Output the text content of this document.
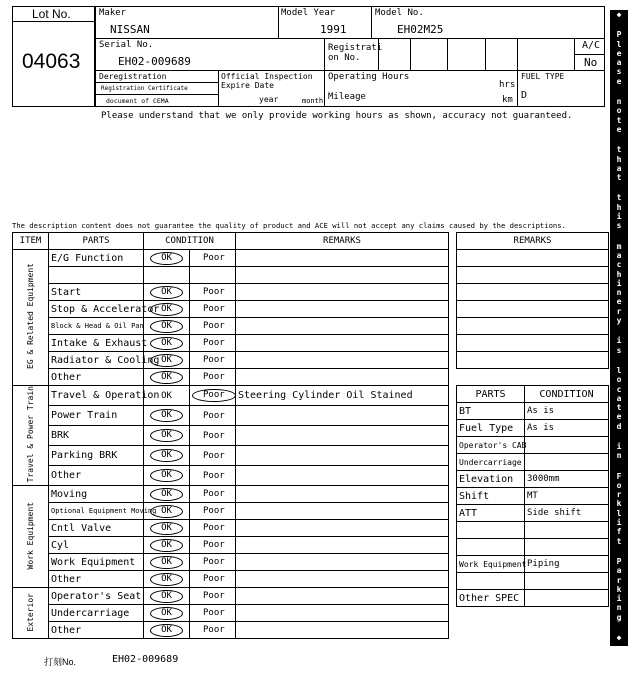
Lot No.
04063
Maker
NISSAN
Model Year
1991
Model No.
EH02M25
Serial No.
EH02-009689
Registrati on No.
A/C
No
Deregistration
Registration Certificate
document of CEMA
Official Inspection Expire Date
year	month
Operating Hours
hrs
Mileage	km
FUEL TYPE
D
Please understand that we only provide working hours as shown, accuracy not guaranteed.
The description content does not guarantee the quality of product and ACE will not accept any claims caused by the descriptions.
ITEM	PARTS	CONDITION		REMARKS
EG & Related Equipment	E/G Function	OK	Poor	

	Start	OK	Poor	
	Stop & Accelerator	OK	Poor	
	Block & Head & Oil Pan	OK	Poor	
	Intake & Exhaust	OK	Poor	
	Radiator & Cooling	OK	Poor	
	Other	OK	Poor	
Travel & Power Train	Travel & Operation	OK	Poor	Steering Cylinder Oil Stained
	Power Train	OK	Poor	
	BRK	OK	Poor	
	Parking BRK	OK	Poor	
	Other	OK	Poor	
Work Equipment	Moving	OK	Poor	
	Optional Equipment Moving	OK	Poor	
	Cntl Valve	OK	Poor	
	Cyl	OK	Poor	
	Work Equipment	OK	Poor	
	Other	OK	Poor	
Exterior	Operator's Seat	OK	Poor	
	Undercarriage	OK	Poor	
	Other	OK	Poor	
REMARKS

PARTS	CONDITION
BT	As is
Fuel Type	As is
Operator's CAB	
Undercarriage	
Elevation	3000mm
Shift	MT
ATT	Side shift

Work Equipment	Piping

Other SPEC	
打刻No.	EH02-009689
◆

P
l
e
a
s
e

n
o
t
e

t
h
a
t

t
h
i
s

m
a
c
h
i
n
e
r
y

i
s

l
o
c
a
t
e
d

i
n

F
o
r
k
l
i
f
t

P
a
r
k
i
n
g

◆
